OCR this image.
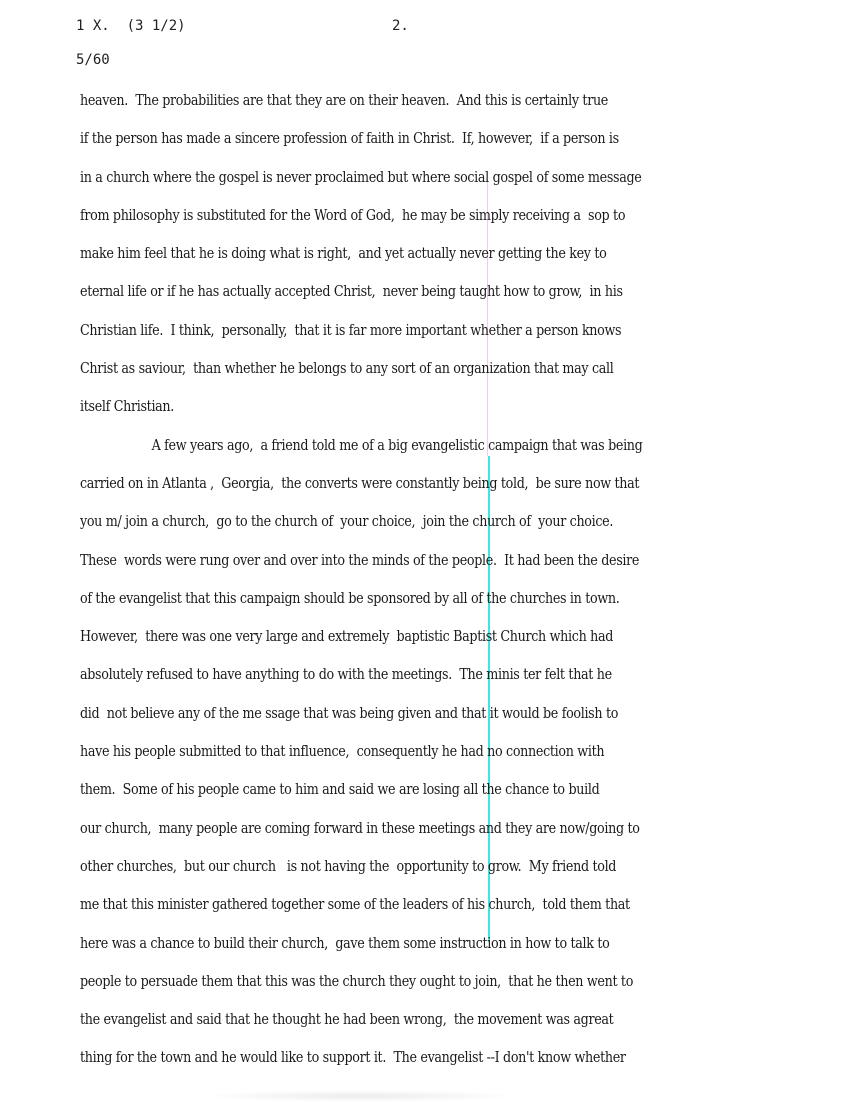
1 X.  (3 1/2)	2.
5/60
heaven.  The probabilities are that they are on their heaven.  And this is certainly true
if the person has made a sincere profession of faith in Christ.  If, however,  if a person is
in a church where the gospel is never proclaimed but where social gospel of some message
from philosophy is substituted for the Word of God,  he may be simply receiving a  sop to
make him feel that he is doing what is right,  and yet actually never getting the key to
eternal life or if he has actually accepted Christ,  never being taught how to grow,  in his
Christian life.  I think,  personally,  that it is far more important whether a person knows
Christ as saviour,  than whether he belongs to any sort of an organization that may call
itself Christian.
A few years ago,  a friend told me of a big evangelistic campaign that was being
carried on in Atlanta ,  Georgia,  the converts were constantly being told,  be sure now that
you m/ join a church,  go to the church of  your choice,  join the church of  your choice.
These  words were rung over and over into the minds of the people.  It had been the desire
of the evangelist that this campaign should be sponsored by all of the churches in town.
However,  there was one very large and extremely  baptistic Baptist Church which had
absolutely refused to have anything to do with the meetings.  The minis ter felt that he
did  not believe any of the me ssage that was being given and that it would be foolish to
have his people submitted to that influence,  consequently he had no connection with
them.  Some of his people came to him and said we are losing all the chance to build
our church,  many people are coming forward in these meetings and they are now/going to
other churches,  but our church   is not having the  opportunity to grow.  My friend told
me that this minister gathered together some of the leaders of his church,  told them that
here was a chance to build their church,  gave them some instruction in how to talk to
people to persuade them that this was the church they ought to join,  that he then went to
the evangelist and said that he thought he had been wrong,  the movement was agreat
thing for the town and he would like to support it.  The evangelist --I don't know whether
